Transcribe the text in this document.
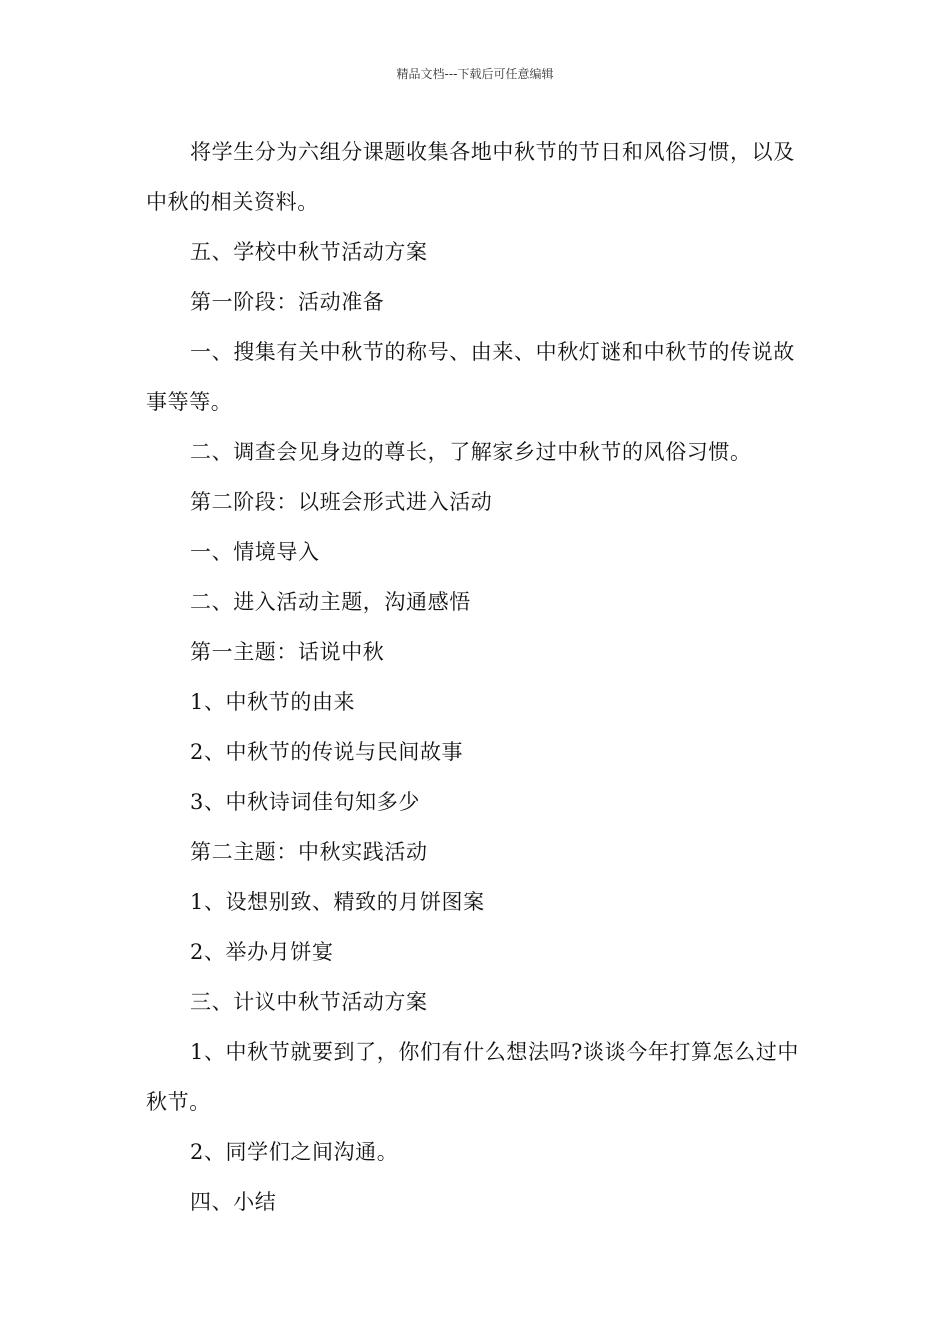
精品文档---下载后可任意编辑

将学生分为六组分课题收集各地中秋节的节日和风俗习惯，以及中秋的相关资料。

五、学校中秋节活动方案

第一阶段：活动准备

一、搜集有关中秋节的称号、由来、中秋灯谜和中秋节的传说故事等等。

二、调查会见身边的尊长，了解家乡过中秋节的风俗习惯。

第二阶段：以班会形式进入活动

一、情境导入

二、进入活动主题，沟通感悟

第一主题：话说中秋

1、中秋节的由来

2、中秋节的传说与民间故事

3、中秋诗词佳句知多少

第二主题：中秋实践活动

1、设想别致、精致的月饼图案

2、举办月饼宴

三、计议中秋节活动方案

1、中秋节就要到了，你们有什么想法吗?谈谈今年打算怎么过中秋节。

2、同学们之间沟通。

四、小结
